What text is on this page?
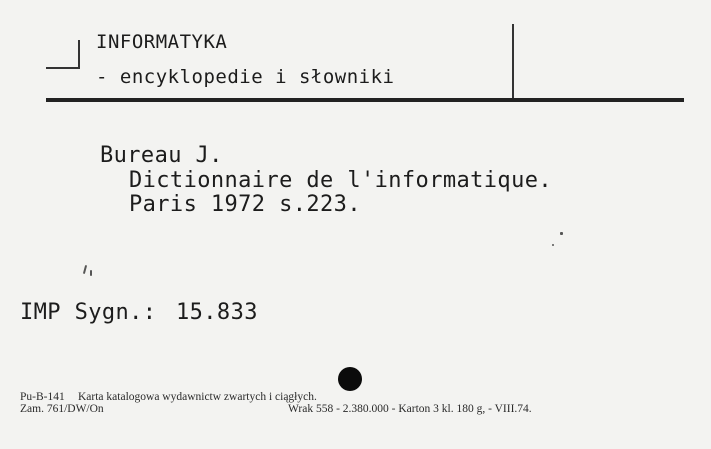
INFORMATYKA
- encyklopedie i słowniki
Bureau J.
Dictionnaire de l'informatique.
Paris 1972 s.223.
IMP Sygn.: 15.833
Pu-B-141 Karta katalogowa wydawnictw zwartych i ciągłych.
Zam. 761/DW/On	Wrak 558 - 2.380.000 - Karton 3 kl. 180 g, - VIII.74.
